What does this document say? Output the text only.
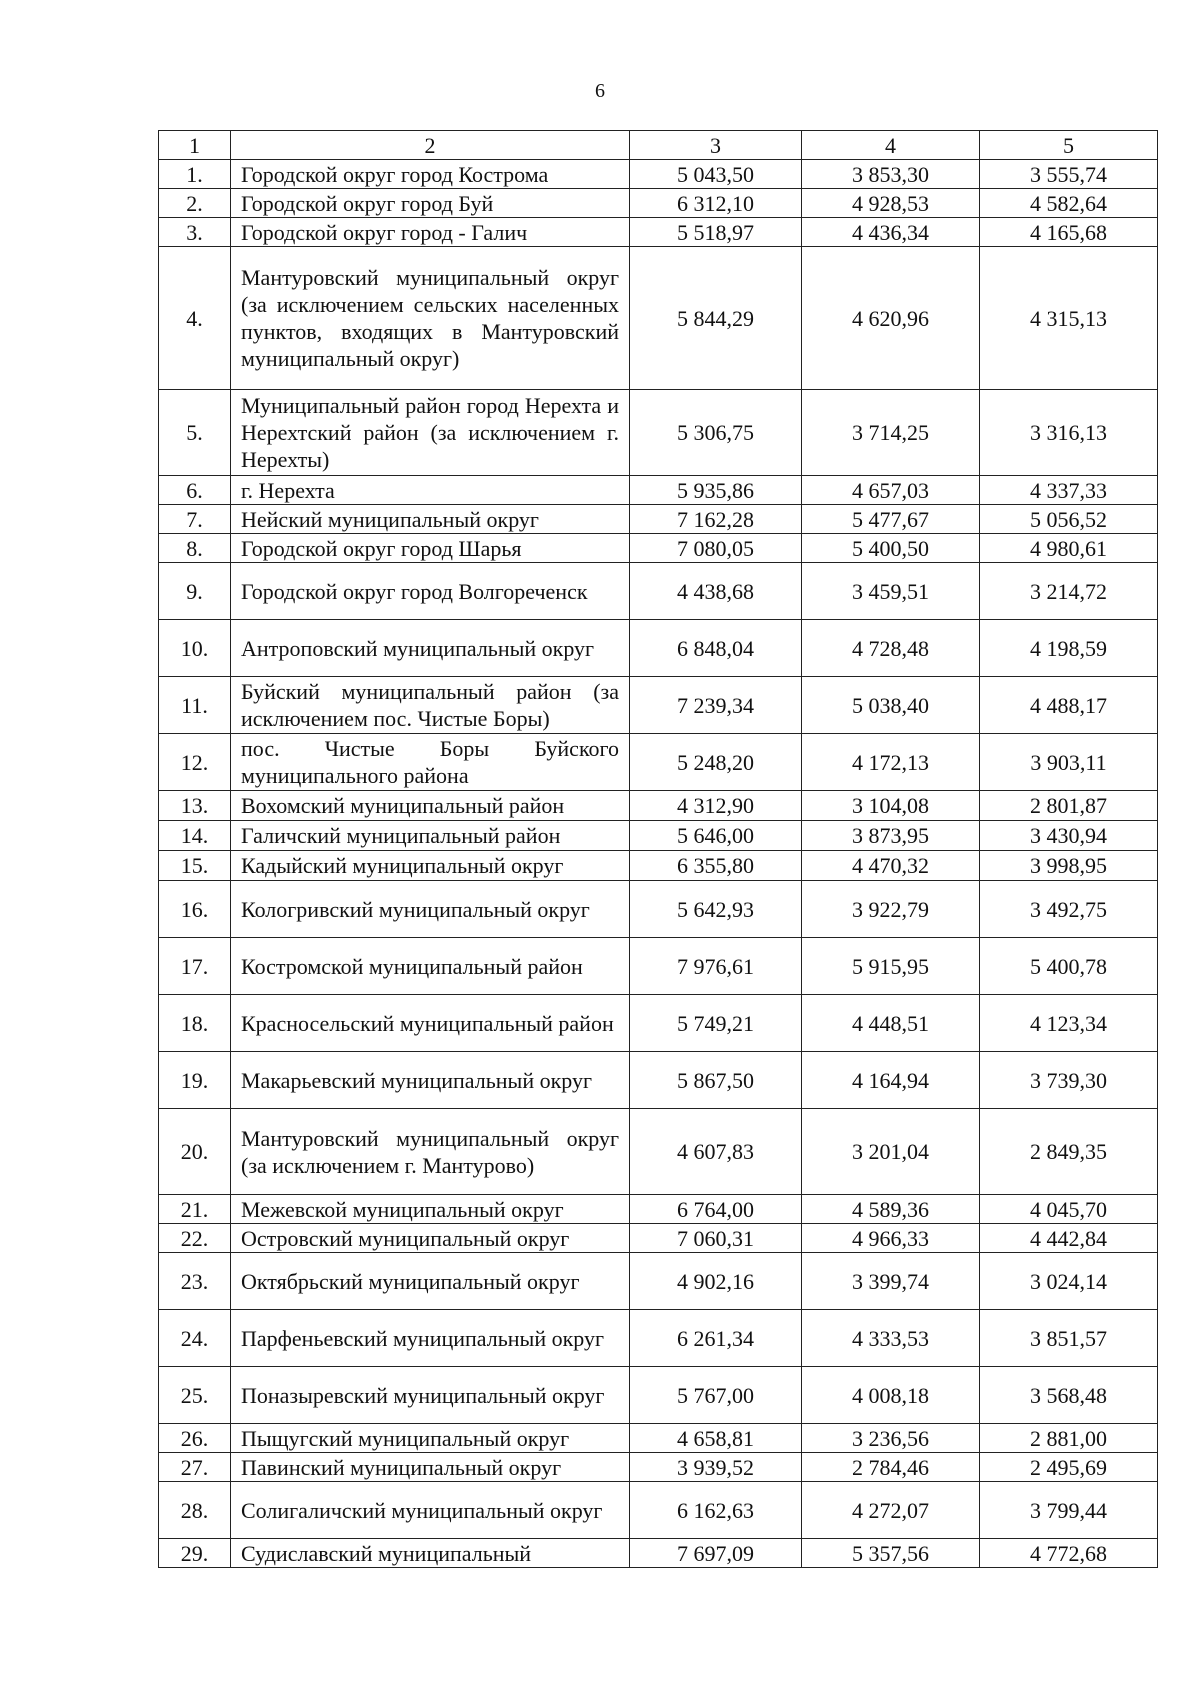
6
1	2	3	4	5
1.	Городской округ город Кострома	5 043,50	3 853,30	3 555,74
2.	Городской округ город Буй	6 312,10	4 928,53	4 582,64
3.	Городской округ город - Галич	5 518,97	4 436,34	4 165,68
4.	Мантуровский муниципальный округ (за исключением сельских населенных пунктов, входящих в Мантуровский муниципальный округ)	5 844,29	4 620,96	4 315,13
5.	Муниципальный район город Нерехта и Нерехтский район (за исключением г. Нерехты)	5 306,75	3 714,25	3 316,13
6.	г. Нерехта	5 935,86	4 657,03	4 337,33
7.	Нейский муниципальный округ	7 162,28	5 477,67	5 056,52
8.	Городской округ город Шарья	7 080,05	5 400,50	4 980,61
9.	Городской округ город Волгореченск	4 438,68	3 459,51	3 214,72
10.	Антроповский муниципальный округ	6 848,04	4 728,48	4 198,59
11.	Буйский муниципальный район (за исключением пос. Чистые Боры)	7 239,34	5 038,40	4 488,17
12.	пос. Чистые Боры Буйского муниципального района	5 248,20	4 172,13	3 903,11
13.	Вохомский муниципальный район	4 312,90	3 104,08	2 801,87
14.	Галичский муниципальный район	5 646,00	3 873,95	3 430,94
15.	Кадыйский муниципальный округ	6 355,80	4 470,32	3 998,95
16.	Кологривский муниципальный округ	5 642,93	3 922,79	3 492,75
17.	Костромской муниципальный район	7 976,61	5 915,95	5 400,78
18.	Красносельский муниципальный район	5 749,21	4 448,51	4 123,34
19.	Макарьевский муниципальный округ	5 867,50	4 164,94	3 739,30
20.	Мантуровский муниципальный округ (за исключением г. Мантурово)	4 607,83	3 201,04	2 849,35
21.	Межевской муниципальный округ	6 764,00	4 589,36	4 045,70
22.	Островский муниципальный округ	7 060,31	4 966,33	4 442,84
23.	Октябрьский муниципальный округ	4 902,16	3 399,74	3 024,14
24.	Парфеньевский муниципальный округ	6 261,34	4 333,53	3 851,57
25.	Поназыревский муниципальный округ	5 767,00	4 008,18	3 568,48
26.	Пыщугский муниципальный округ	4 658,81	3 236,56	2 881,00
27.	Павинский муниципальный округ	3 939,52	2 784,46	2 495,69
28.	Солигаличский муниципальный округ	6 162,63	4 272,07	3 799,44
29.	Судиславский муниципальный	7 697,09	5 357,56	4 772,68
